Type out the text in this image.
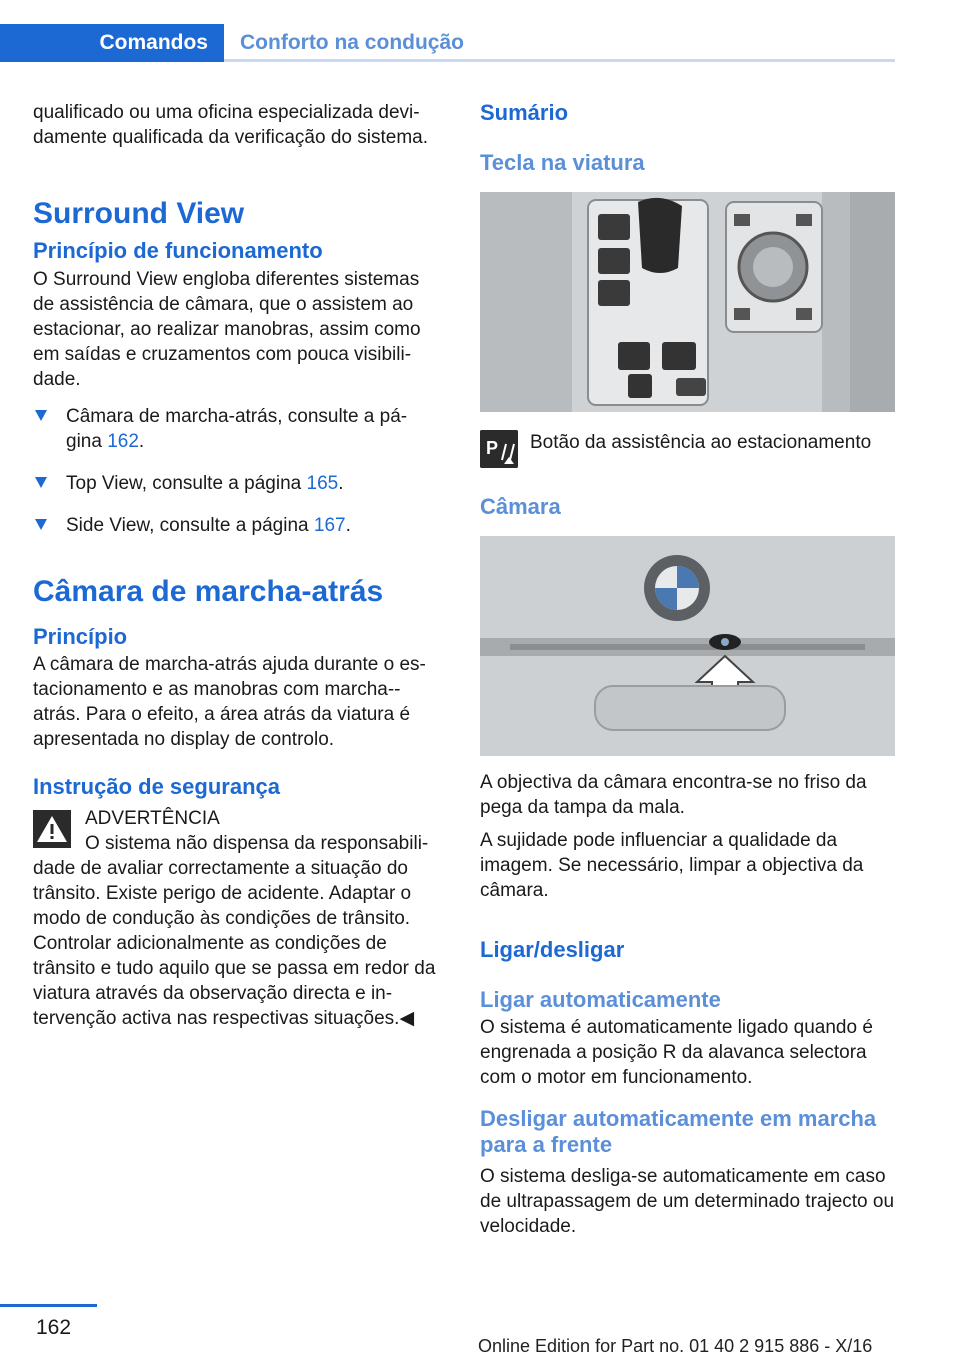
Comandos Conforto na condução

qualificado ou uma oficina especializada devi‐

damente qualificada da verificação do sistema.

Surround View
Princípio de funcionamento

O Surround View engloba diferentes sistemas de assistência de câmara, que o assistem ao estacionar, ao realizar manobras, assim como em saídas e cruzamentos com pouca visibili‐dade.

Câmara de marcha-atrás, consulte a pá‐gina 162.
Top View, consulte a página 165.
Side View, consulte a página 167.
Câmara de marcha-atrás
Princípio

A câmara de marcha-atrás ajuda durante o es‐tacionamento e as manobras com marcha-‐atrás. Para o efeito, a área atrás da viatura é apresentada no display de controlo.

Instrução de segurança

ADVERTÊNCIA

O sistema não dispensa da responsabili‐

dade de avaliar correctamente a situação do trânsito. Existe perigo de acidente. Adaptar o modo de condução às condições de trânsito. Controlar adicionalmente as condições de trânsito e tudo aquilo que se passa em redor da viatura através da observação directa e in‐tervenção activa nas respectivas situações.◀

Sumário
Tecla na viatura
P	Botão da assistência ao estacionamento

Câmara

A objectiva da câmara encontra-se no friso da pega da tampa da mala.

A sujidade pode influenciar a qualidade da imagem. Se necessário, limpar a objectiva da câmara.

Ligar/desligar
Ligar automaticamente

O sistema é automaticamente ligado quando é engrenada a posição R da alavanca selectora com o motor em funcionamento.

Desligar automaticamente em marcha para a frente

O sistema desliga-se automaticamente em caso de ultrapassagem de um determinado trajecto ou velocidade.

162
Online Edition for Part no. 01 40 2 915 886 - X/16
